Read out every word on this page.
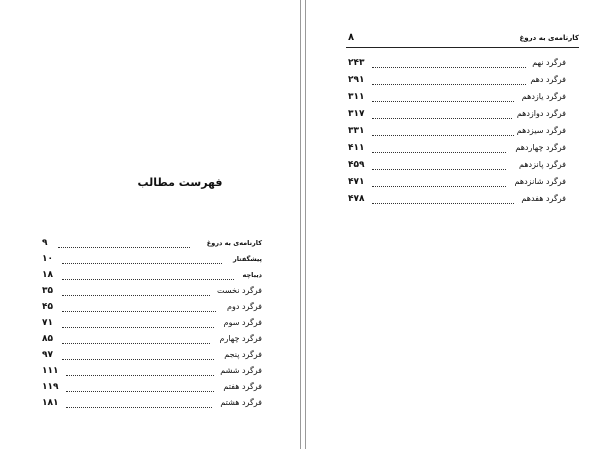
فهرست مطالب
۹	کارنامه‌ی به دروغ
۱۰	پیشگفتار
۱۸	دیباچه
۳۵	فرگرد نخست
۴۵	فرگرد دوم
۷۱	فرگرد سوم
۸۵	فرگرد چهارم
۹۷	فرگرد پنجم
۱۱۱	فرگرد ششم
۱۱۹	فرگرد هفتم
۱۸۱	فرگرد هشتم
۸	کارنامه‌ی به دروغ
۲۴۳	فرگرد نهم
۲۹۱	فرگرد دهم
۳۱۱	فرگرد یازدهم
۳۱۷	فرگرد دوازدهم
۳۳۱	فرگرد سیزدهم
۴۱۱	فرگرد چهاردهم
۴۵۹	فرگرد پانزدهم
۴۷۱	فرگرد شانزدهم
۴۷۸	فرگرد هفدهم
